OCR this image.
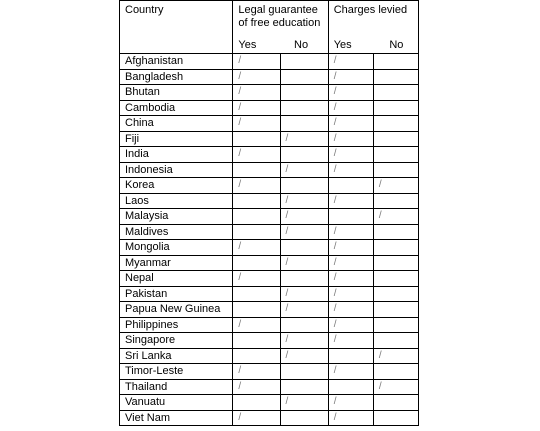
Country	Legal guarantee of free education		Charges levied	
	Yes	No	Yes	No
Afghanistan	/		/	
Bangladesh	/		/	
Bhutan	/		/	
Cambodia	/		/	
China	/		/	
Fiji		/	/	
India	/		/	
Indonesia		/	/	
Korea	/			/
Laos		/	/	
Malaysia		/		/
Maldives		/	/	
Mongolia	/		/	
Myanmar		/	/	
Nepal	/		/	
Pakistan		/	/	
Papua New Guinea		/	/	
Philippines	/		/	
Singapore		/	/	
Sri Lanka		/		/
Timor-Leste	/		/	
Thailand	/			/
Vanuatu		/	/	
Viet Nam	/		/	
